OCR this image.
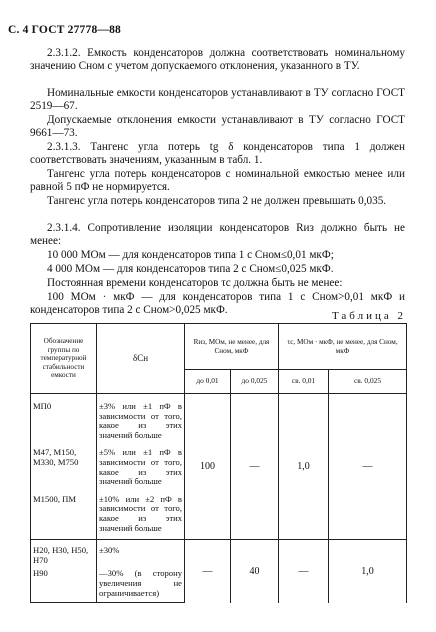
С. 4 ГОСТ 27778—88
2.3.1.2. Емкость конденсаторов должна соответствовать номинальному значению Сном с учетом допускаемого отклонения, указанного в ТУ.
Номинальные емкости конденсаторов устанавливают в ТУ согласно ГОСТ 2519—67.
Допускаемые отклонения емкости устанавливают в ТУ согласно ГОСТ 9661—73.
2.3.1.3. Тангенс угла потерь tg δ конденсаторов типа 1 должен соответствовать значениям, указанным в табл. 1.
Тангенс угла потерь конденсаторов с номинальной емкостью менее или равной 5 пФ не нормируется.
Тангенс угла потерь конденсаторов типа 2 не должен превышать 0,035.
2.3.1.4. Сопротивление изоляции конденсаторов Rиз должно быть не менее:
10 000 МОм — для конденсаторов типа 1 с Сном≤0,01 мкФ;
4 000 МОм — для конденсаторов типа 2 с Сном≤0,025 мкФ.
Постоянная времени конденсаторов τс должна быть не менее:
100 МОм · мкФ — для конденсаторов типа 1 с Сном>0,01 мкФ и конденсаторов типа 2 с Сном>0,025 мкФ.	Таблица 2
Обозначение группы по температурной стабильности емкости	δСн	Rиз, МОм, не менее, для Сном, мкФ		τс, МОм · мкФ, не менее, для Сном, мкФ	
		до 0,01	до 0,025	св. 0,01	св. 0,025
МП0	±3% или ±1 пФ в зависимости от того, какое из этих значений больше	100	—	1,0	—
М47, М150, М330, М750	±5% или ±1 пФ в зависимости от того, какое из этих значений больше				
М1500, ПМ	±10% или ±2 пФ в зависимости от того, какое из этих значений больше				
Н20, Н30, Н50, Н70	±30%	—	40	—	1,0
Н90	—30% (в сторону увеличения не ограничивается)				
